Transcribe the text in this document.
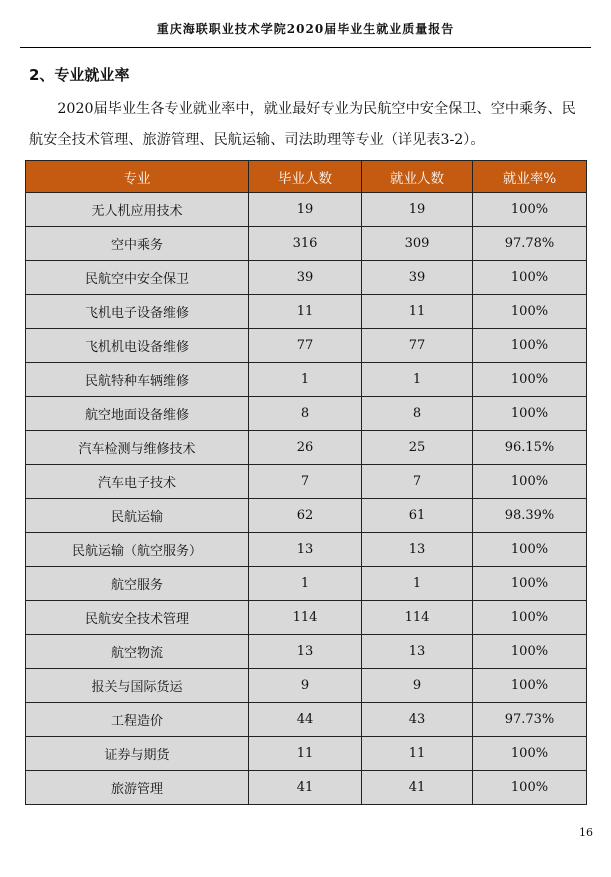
重庆海联职业技术学院2020届毕业生就业质量报告
2、专业就业率

2020届毕业生各专业就业率中，就业最好专业为民航空中安全保卫、空中乘务、民航安全技术管理、旅游管理、民航运输、司法助理等专业（详见表3-2）。

专业	毕业人数	就业人数	就业率%
无人机应用技术	19	19	100%
空中乘务	316	309	97.78%
民航空中安全保卫	39	39	100%
飞机电子设备维修	11	11	100%
飞机机电设备维修	77	77	100%
民航特种车辆维修	1	1	100%
航空地面设备维修	8	8	100%
汽车检测与维修技术	26	25	96.15%
汽车电子技术	7	7	100%
民航运输	62	61	98.39%
民航运输（航空服务）	13	13	100%
航空服务	1	1	100%
民航安全技术管理	114	114	100%
航空物流	13	13	100%
报关与国际货运	9	9	100%
工程造价	44	43	97.73%
证券与期货	11	11	100%
旅游管理	41	41	100%
16
